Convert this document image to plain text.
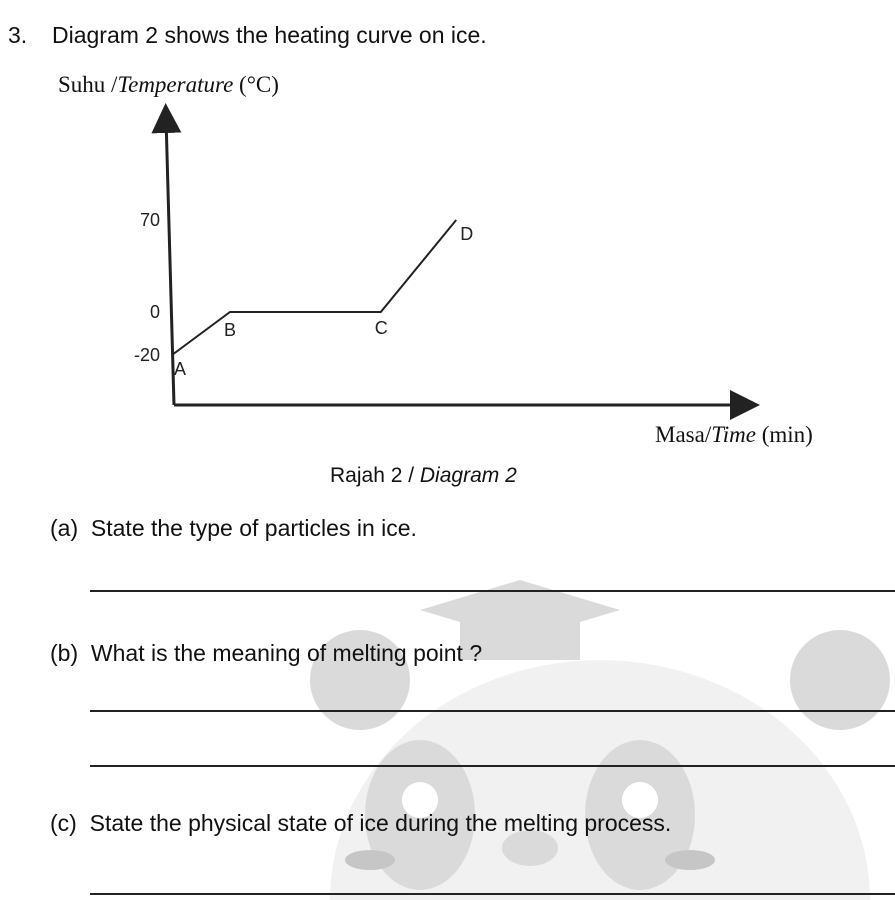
3. Diagram 2 shows the heating curve on ice.
Suhu /Temperature (°C)
70
0
-20
A
B	C
D
Masa/Time (min)
Rajah 2 / Diagram 2
(a) State the type of particles in ice.
(b) What is the meaning of melting point ?
(c) State the physical state of ice during the melting process.
